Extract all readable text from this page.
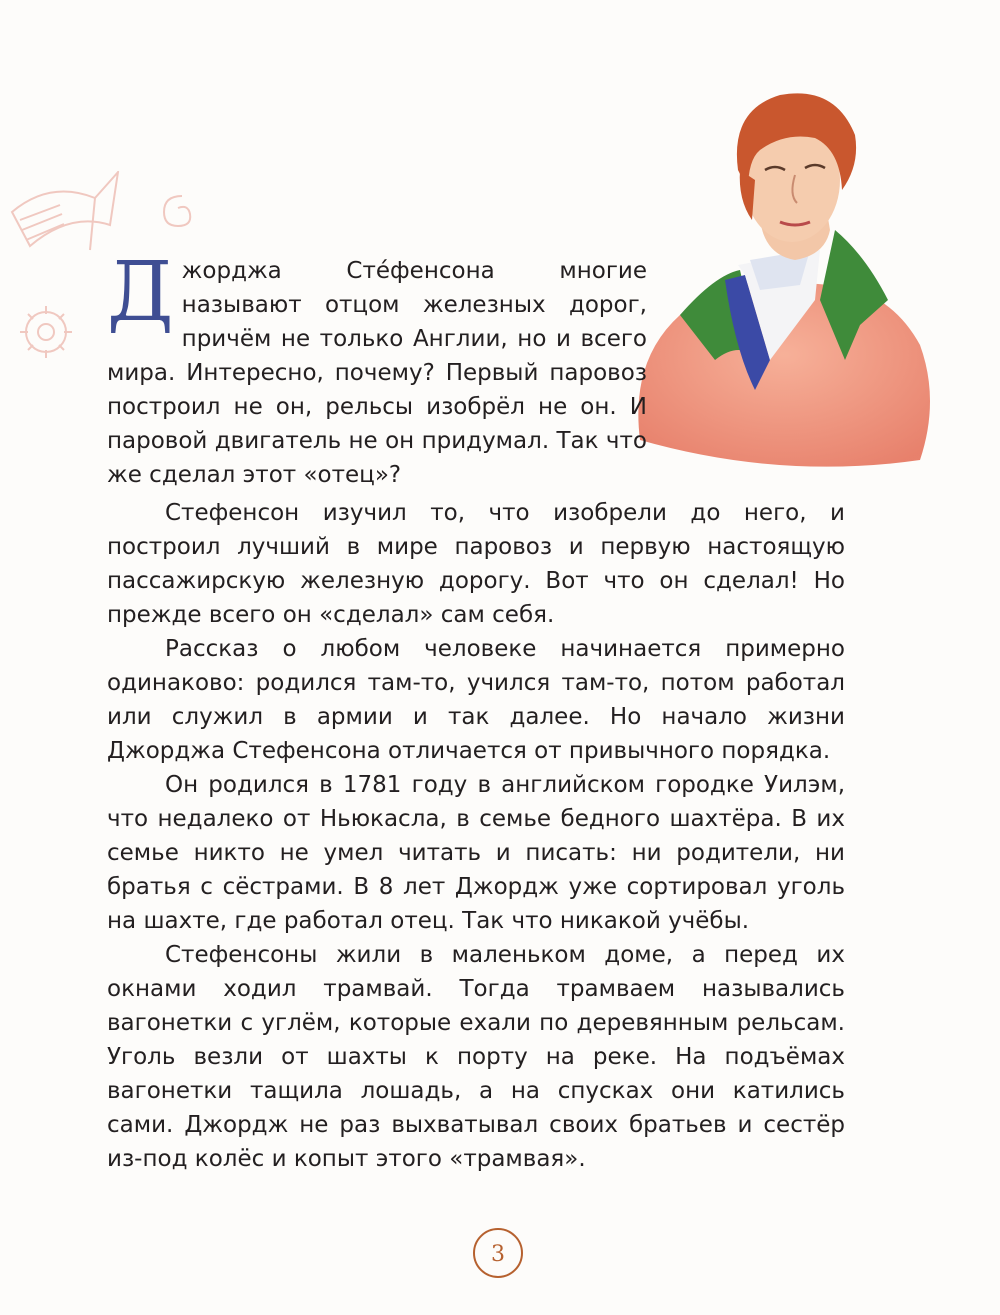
Д жорджа Сте́фенсона многие называют отцом железных дорог, причём не только Англии, но и всего мира. Интересно, почему? Первый паровоз построил не он, рельсы изобрёл не он. И паровой двигатель не он придумал. Так что же сделал этот «отец»?

Стефенсон изучил то, что изобрели до него, и построил лучший в мире паровоз и первую настоящую пассажирскую железную дорогу. Вот что он сделал! Но прежде всего он «сделал» сам себя.

Рассказ о любом человеке начинается примерно одинаково: родился там-то, учился там-то, потом работал или служил в армии и так далее. Но начало жизни Джорджа Стефенсона отличается от привычного порядка.

Он родился в 1781 году в английском городке Уилэм, что недалеко от Ньюкасла, в семье бедного шахтёра. В их семье никто не умел читать и писать: ни родители, ни братья с сёстрами. В 8 лет Джордж уже сортировал уголь на шахте, где работал отец. Так что никакой учёбы.

Стефенсоны жили в маленьком доме, а перед их окнами ходил трамвай. Тогда трамваем назывались вагонетки с углём, которые ехали по деревянным рельсам. Уголь везли от шахты к порту на реке. На подъёмах вагонетки тащила лошадь, а на спусках они катились сами. Джордж не раз выхватывал своих братьев и сестёр из-под колёс и копыт этого «трамвая».

3
